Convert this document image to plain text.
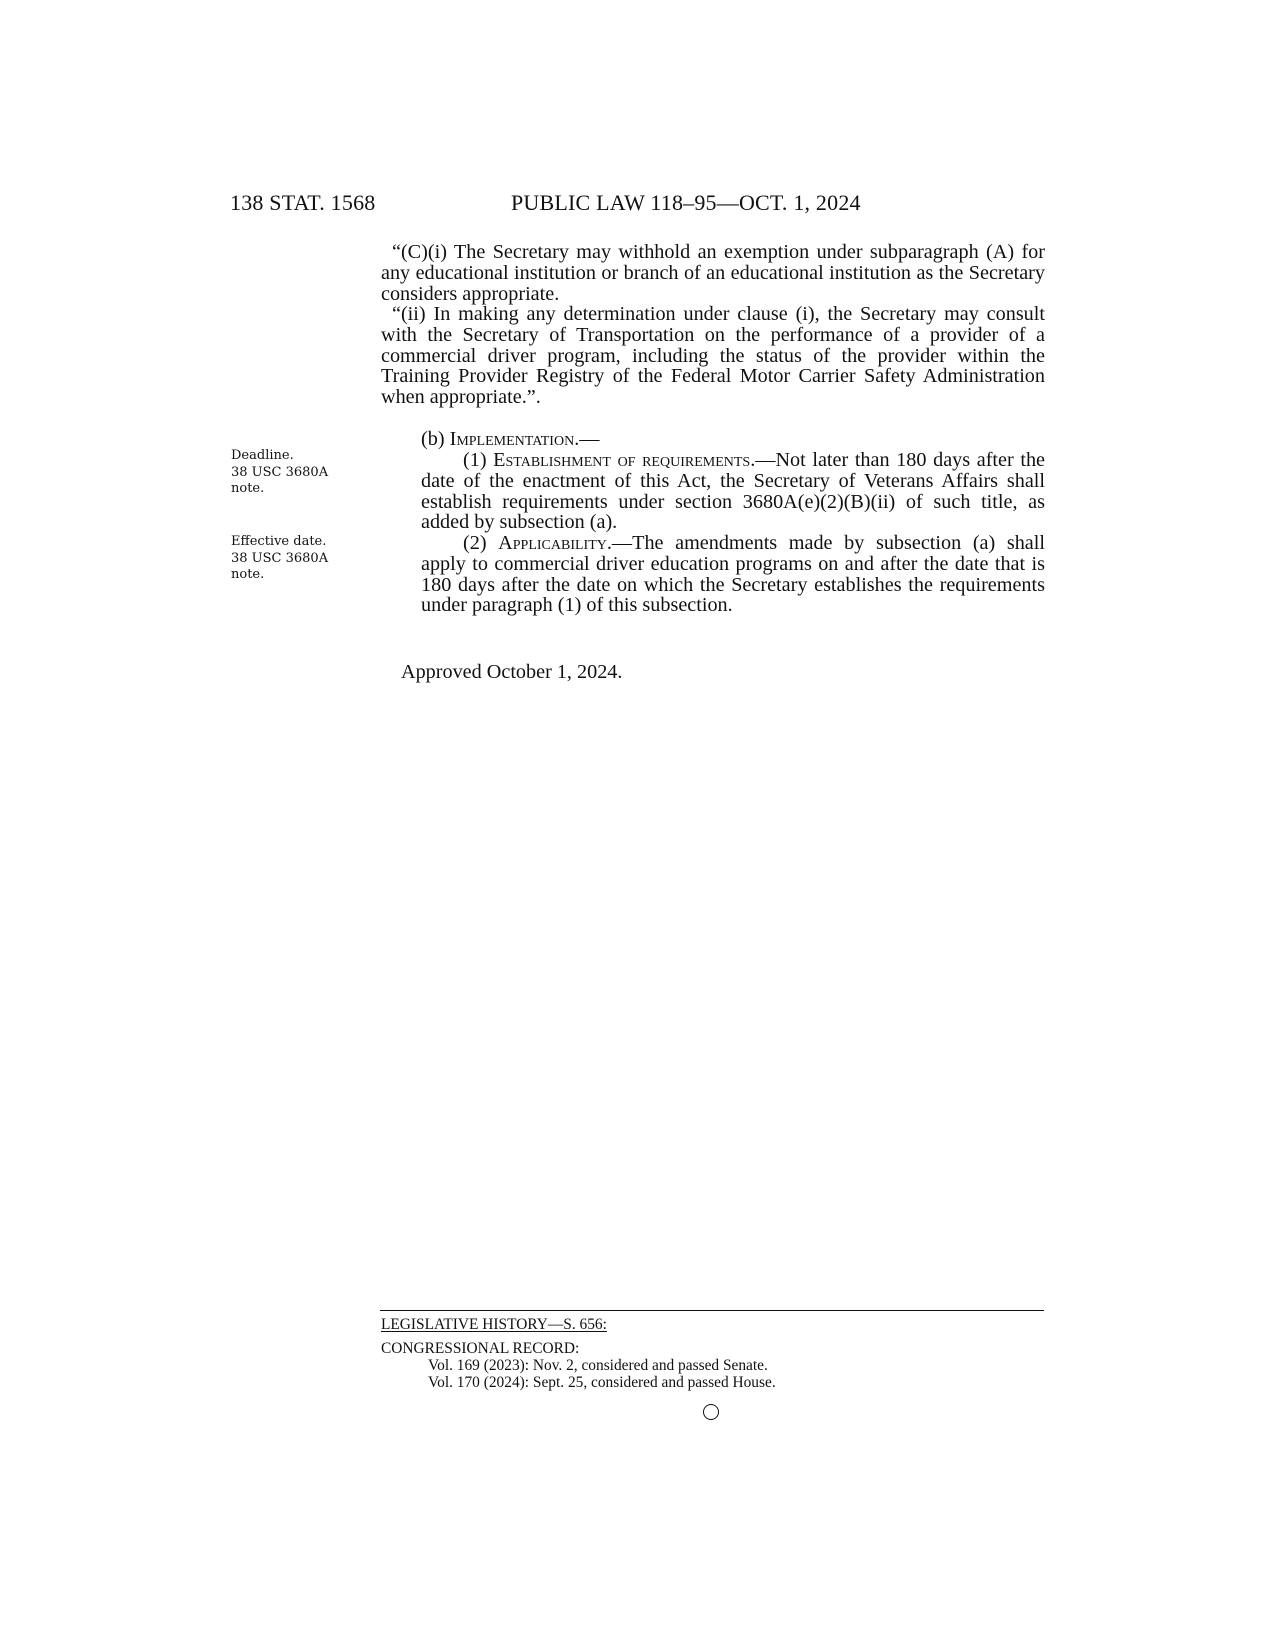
138 STAT. 1568	PUBLIC LAW 118–95—OCT. 1, 2024
Deadline.
38 USC 3680A
note.
Effective date.
38 USC 3680A
note.

“(C)(i) The Secretary may withhold an exemption under subparagraph (A) for any educational institution or branch of an educational institution as the Secretary considers appropriate.

“(ii) In making any determination under clause (i), the Secretary may consult with the Secretary of Transportation on the performance of a provider of a commercial driver program, including the status of the provider within the Training Provider Registry of the Federal Motor Carrier Safety Administration when appropriate.”.

(b) Implementation.—

(1) Establishment of requirements.—Not later than 180 days after the date of the enactment of this Act, the Secretary of Veterans Affairs shall establish requirements under section 3680A(e)(2)(B)(ii) of such title, as added by subsection (a).

(2) Applicability.—The amendments made by subsection (a) shall apply to commercial driver education programs on and after the date that is 180 days after the date on which the Secretary establishes the requirements under paragraph (1) of this subsection.

Approved October 1, 2024.
LEGISLATIVE HISTORY—S. 656:
CONGRESSIONAL RECORD:
Vol. 169 (2023): Nov. 2, considered and passed Senate.
Vol. 170 (2024): Sept. 25, considered and passed House.
